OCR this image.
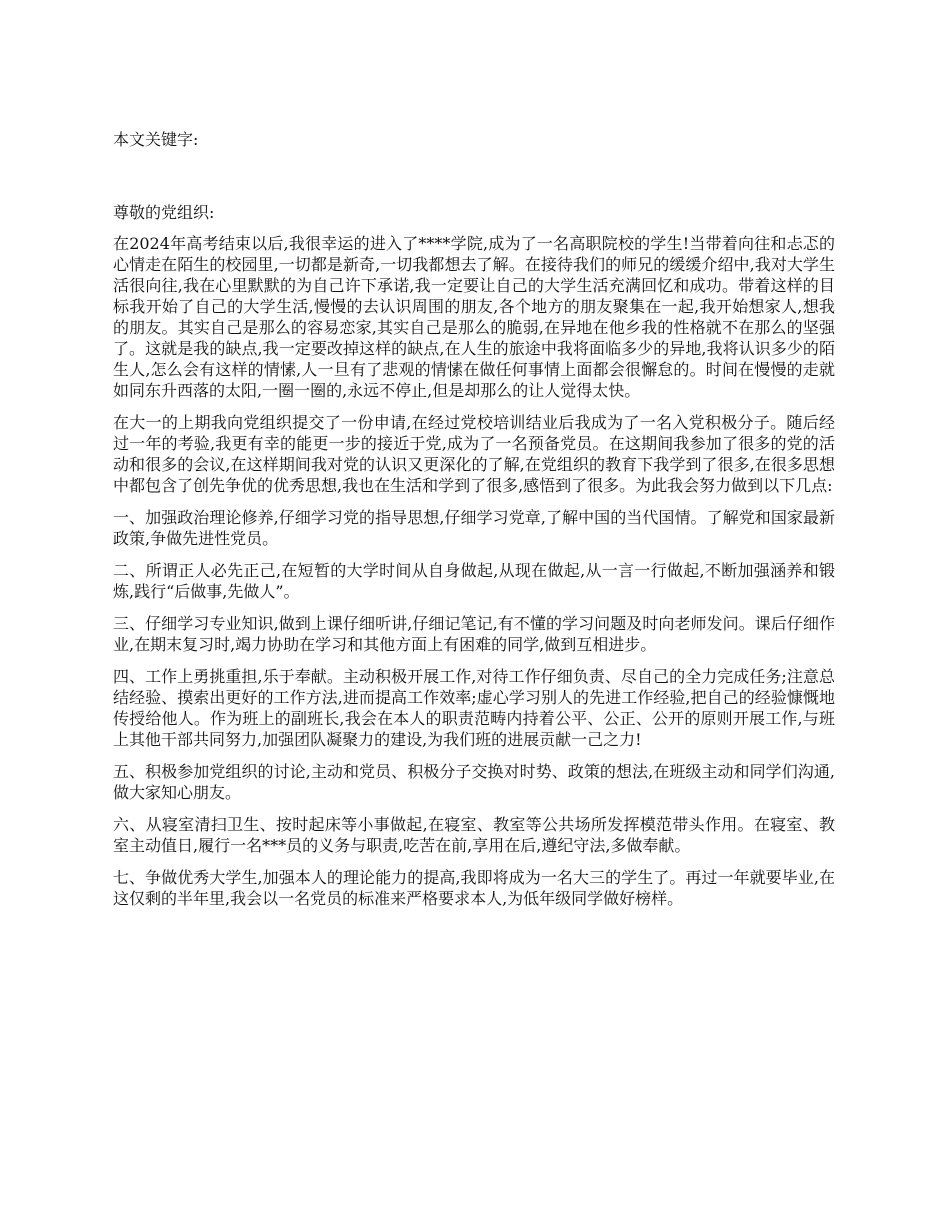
本文关键字:

尊敬的党组织:

在2024年高考结束以后,我很幸运的进入了****学院,成为了一名高职院校的学生!当带着向往和忐忑的心情走在陌生的校园里,一切都是新奇,一切我都想去了解。在接待我们的师兄的缓缓介绍中,我对大学生活很向往,我在心里默默的为自己许下承诺,我一定要让自己的大学生活充满回忆和成功。带着这样的目标我开始了自己的大学生活,慢慢的去认识周围的朋友,各个地方的朋友聚集在一起,我开始想家人,想我的朋友。其实自己是那么的容易恋家,其实自己是那么的脆弱,在异地在他乡我的性格就不在那么的坚强了。这就是我的缺点,我一定要改掉这样的缺点,在人生的旅途中我将面临多少的异地,我将认识多少的陌生人,怎么会有这样的情愫,人一旦有了悲观的情愫在做任何事情上面都会很懈怠的。时间在慢慢的走就如同东升西落的太阳,一圈一圈的,永远不停止,但是却那么的让人觉得太快。

在大一的上期我向党组织提交了一份申请,在经过党校培训结业后我成为了一名入党积极分子。随后经过一年的考验,我更有幸的能更一步的接近于党,成为了一名预备党员。在这期间我参加了很多的党的活动和很多的会议,在这样期间我对党的认识又更深化的了解,在党组织的教育下我学到了很多,在很多思想中都包含了创先争优的优秀思想,我也在生活和学到了很多,感悟到了很多。为此我会努力做到以下几点:

一、加强政治理论修养,仔细学习党的指导思想,仔细学习党章,了解中国的当代国情。了解党和国家最新政策,争做先进性党员。

二、所谓正人必先正己,在短暂的大学时间从自身做起,从现在做起,从一言一行做起,不断加强涵养和锻炼,践行“后做事,先做人”。

三、仔细学习专业知识,做到上课仔细听讲,仔细记笔记,有不懂的学习问题及时向老师发问。课后仔细作业,在期末复习时,竭力协助在学习和其他方面上有困难的同学,做到互相进步。

四、工作上勇挑重担,乐于奉献。主动积极开展工作,对待工作仔细负责、尽自己的全力完成任务;注意总结经验、摸索出更好的工作方法,进而提高工作效率;虚心学习别人的先进工作经验,把自己的经验慷慨地传授给他人。作为班上的副班长,我会在本人的职责范畴内持着公平、公正、公开的原则开展工作,与班上其他干部共同努力,加强团队凝聚力的建设,为我们班的进展贡献一己之力!

五、积极参加党组织的讨论,主动和党员、积极分子交换对时势、政策的想法,在班级主动和同学们沟通,做大家知心朋友。

六、从寝室清扫卫生、按时起床等小事做起,在寝室、教室等公共场所发挥模范带头作用。在寝室、教室主动值日,履行一名***员的义务与职责,吃苦在前,享用在后,遵纪守法,多做奉献。

七、争做优秀大学生,加强本人的理论能力的提高,我即将成为一名大三的学生了。再过一年就要毕业,在这仅剩的半年里,我会以一名党员的标准来严格要求本人,为低年级同学做好榜样。
